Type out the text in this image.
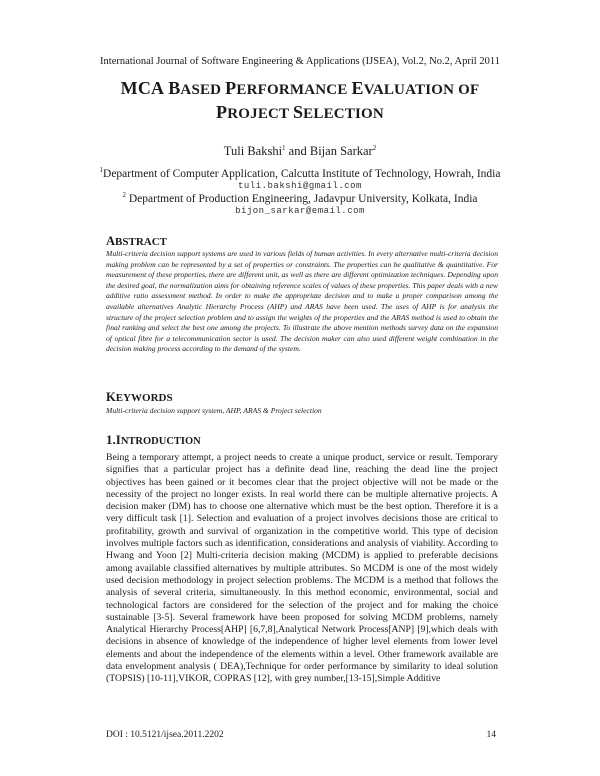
International Journal of Software Engineering & Applications (IJSEA), Vol.2, No.2, April 2011
MCA BASED PERFORMANCE EVALUATION OF
PROJECT SELECTION
Tuli Bakshi$^1$ and Bijan Sarkar$^2$
$^1$Department of Computer Application, Calcutta Institute of Technology, Howrah, India
tuli.bakshi@gmail.com
$^2$ Department of Production Engineering, Jadavpur University, Kolkata, India
bijon_sarkar@email.com
ABSTRACT
Multi-criteria decision support systems are used in various fields of human activities. In every alternative multi-criteria decision making problem can be represented by a set of properties or constraints. The properties can be qualitative & quantitative. For measurement of these properties, there are different unit, as well as there are different optimization techniques. Depending upon the desired goal, the normalization aims for obtaining reference scales of values of these properties. This paper deals with a new additive ratio assessment method. In order to make the appropriate decision and to make a proper comparison among the available alternatives Analytic Hierarchy Process (AHP) and ARAS have been used. The uses of AHP is for analysis the structure of the project selection problem and to assign the weights of the properties and the ARAS method is used to obtain the final ranking and select the best one among the projects. To illustrate the above mention methods survey data on the expansion of optical fibre for a telecommunication sector is used. The decision maker can also used different weight combination in the decision making process according to the demand of the system.
KEYWORDS
Multi-criteria decision support system, AHP, ARAS & Project selection
1.INTRODUCTION
Being a temporary attempt, a project needs to create a unique product, service or result. Temporary signifies that a particular project has a definite dead line, reaching the dead line the project objectives has been gained or it becomes clear that the project objective will not be made or the necessity of the project no longer exists. In real world there can be multiple alternative projects. A decision maker (DM) has to choose one alternative which must be the best option. Therefore it is a very difficult task [1]. Selection and evaluation of a project involves decisions those are critical to profitability, growth and survival of organization in the competitive world. This type of decision involves multiple factors such as identification, considerations and analysis of viability. According to Hwang and Yoon [2] Multi-criteria decision making (MCDM) is applied to preferable decisions among available classified alternatives by multiple attributes. So MCDM is one of the most widely used decision methodology in project selection problems. The MCDM is a method that follows the analysis of several criteria, simultaneously. In this method economic, environmental, social and technological factors are considered for the selection of the project and for making the choice sustainable [3-5]. Several framework have been proposed for solving MCDM problems, namely Analytical Hierarchy Process[AHP] [6,7,8],Analytical Network Process[ANP] [9],which deals with decisions in absence of knowledge of the independence of higher level elements from lower level elements and about the independence of the elements within a level. Other framework available are data envelopment analysis ( DEA),Technique for order performance by similarity to ideal solution (TOPSIS) [10-11],VIKOR, COPRAS [12], with grey number,[13-15],Simple Additive
DOI : 10.5121/ijsea.2011.2202	14
